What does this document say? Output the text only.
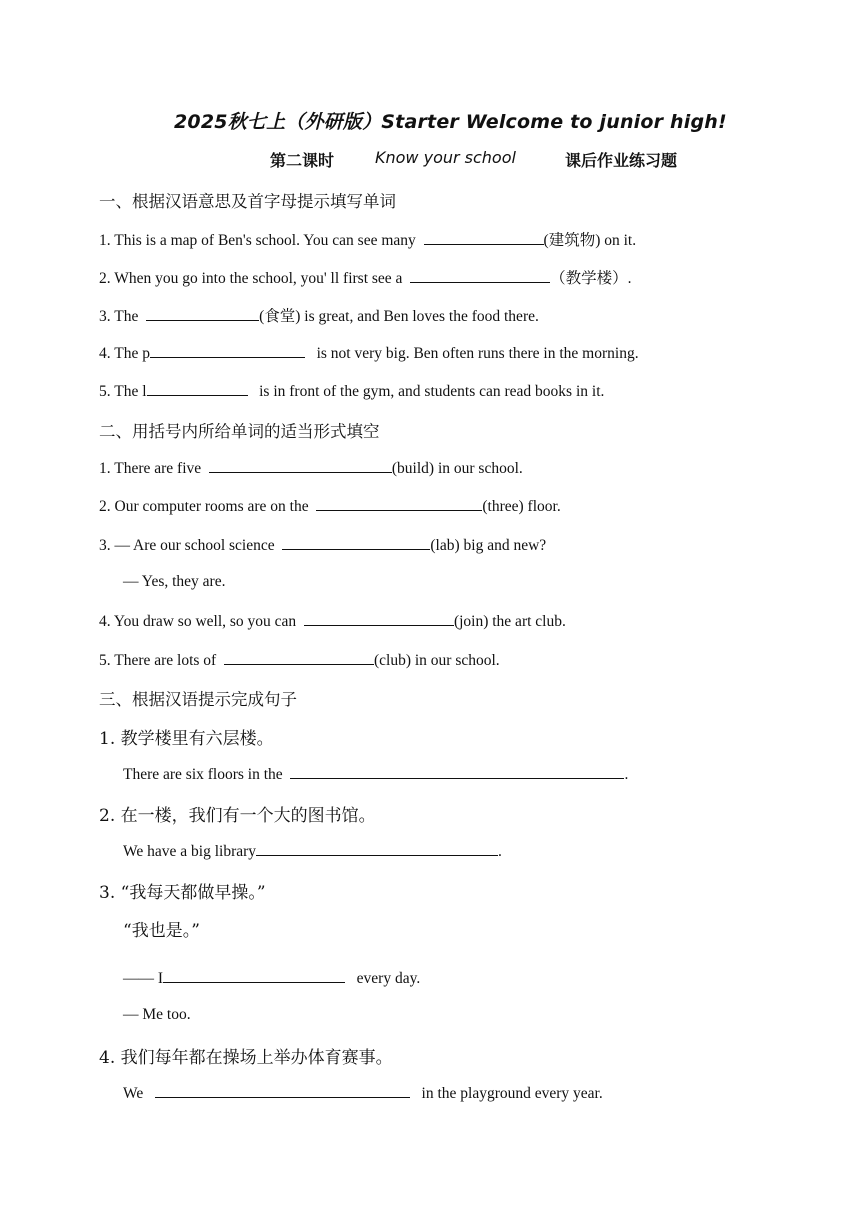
2025秋七上（外研版）Starter Welcome to junior high!
第二课时	Know your school	课后作业练习题
一、根据汉语意思及首字母提示填写单词
1. This is a map of Ben's school. You can see many	(建筑物) on it.
2. When you go into the school, you' ll first see a	（教学楼）.
3. The	(食堂) is great, and Ben loves the food there.
4. The p	is not very big. Ben often runs there in the morning.
5. The l	is in front of the gym, and students can read books in it.
二、用括号内所给单词的适当形式填空
1. There are five	(build) in our school.
2. Our computer rooms are on the	(three) floor.
3. — Are our school science	(lab) big and new?
— Yes, they are.
4. You draw so well, so you can	(join) the art club.
5. There are lots of	(club) in our school.
三、根据汉语提示完成句子
1. 教学楼里有六层楼。
There are six floors in the	.
2. 在一楼，我们有一个大的图书馆。
We have a big library	.
3. “我每天都做早操。”
“我也是。”
—— I	every day.
— Me too.
4. 我们每年都在操场上举办体育赛事。
We	in the playground every year.
